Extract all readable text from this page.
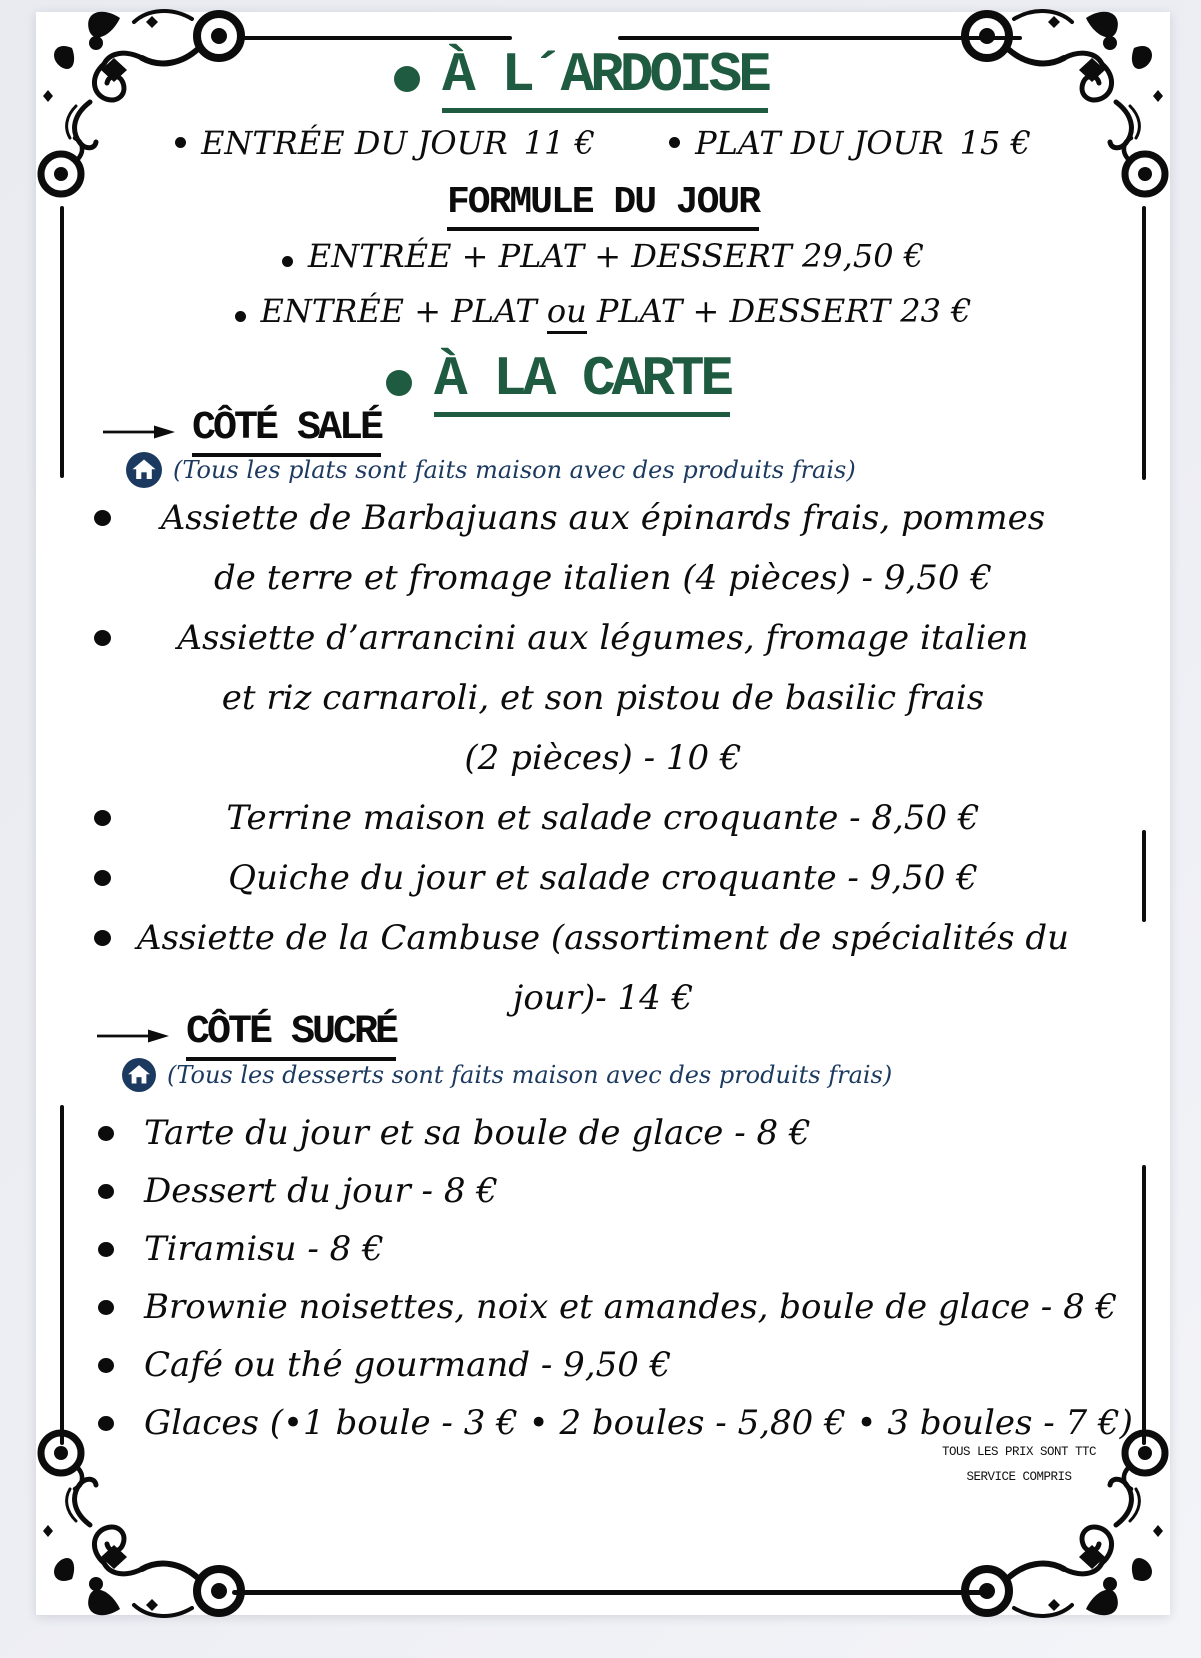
À L´ARDOISE
ENTRÉE DU JOUR 11 €
	PLAT DU JOUR 15 €
FORMULE DU JOUR
ENTRÉE + PLAT + DESSERT 29,50 €
ENTRÉE + PLAT ou PLAT + DESSERT 23 €
À LA CARTE
CÔTÉ SALÉ
(Tous les plats sont faits maison avec des produits frais)
Assiette de Barbajuans aux épinards frais, pommes
de terre et fromage italien (4 pièces) - 9,50 €
Assiette d’arrancini aux légumes, fromage italien
et riz carnaroli, et son pistou de basilic frais
(2 pièces) - 10 €
Terrine maison et salade croquante - 8,50 €
Quiche du jour et salade croquante - 9,50 €
Assiette de la Cambuse (assortiment de spécialités du
jour)- 14 €
CÔTÉ SUCRÉ
(Tous les desserts sont faits maison avec des produits frais)
Tarte du jour et sa boule de glace - 8 €
Dessert du jour - 8 €
Tiramisu - 8 €
Brownie noisettes, noix et amandes, boule de glace - 8 €
Café ou thé gourmand - 9,50 €
Glaces (•1 boule - 3 € • 2 boules - 5,80 € • 3 boules - 7 €)
TOUS LES PRIX SONT TTC
SERVICE COMPRIS
